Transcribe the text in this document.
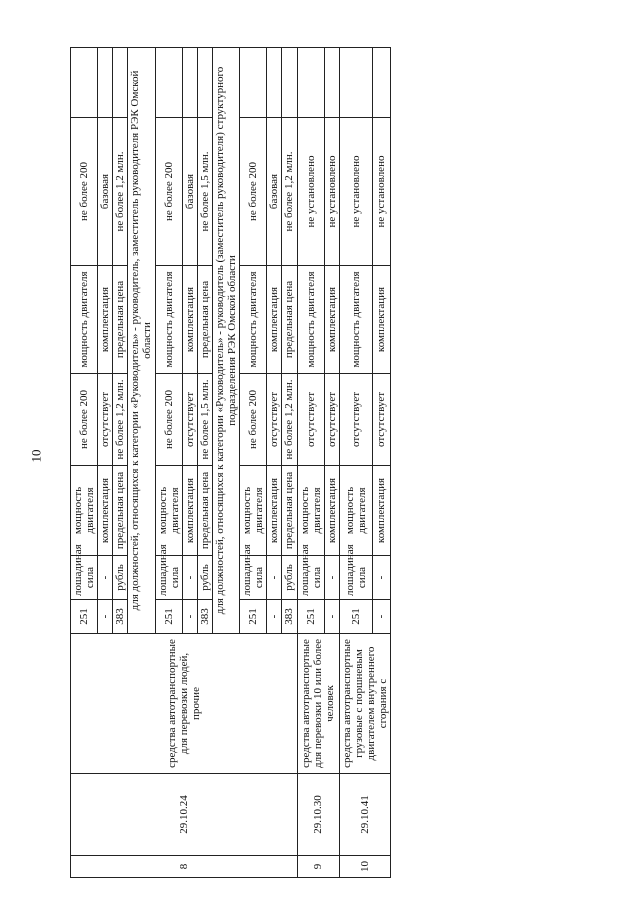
10
8	29.10.24	средства автотранспортные для перевозки людей, прочие	251	лошадиная сила	мощность двигателя	не более 200	мощность двигателя	не более 200	
			-	-	комплектация	отсутствует	комплектация	базовая	
			383	рубль	предельная цена	не более 1,2 млн.	предельная цена	не более 1,2 млн.	
			для должностей, относящихся к категории «Руководитель» - руководитель, заместитель руководителя РЭК Омской области						
			251	лошадиная сила	мощность двигателя	не более 200	мощность двигателя	не более 200	
			-	-	комплектация	отсутствует	комплектация	базовая	
			383	рубль	предельная цена	не более 1,5 млн.	предельная цена	не более 1,5 млн.	
			для должностей, относящихся к категории «Руководитель» - руководитель (заместитель руководителя) структурного подразделения РЭК Омской области						
			251	лошадиная сила	мощность двигателя	не более 200	мощность двигателя	не более 200	
			-	-	комплектация	отсутствует	комплектация	базовая	
			383	рубль	предельная цена	не более 1,2 млн.	предельная цена	не более 1,2 млн.	
9	29.10.30	средства автотранспортные для перевозки 10 или более человек	251	лошадиная сила	мощность двигателя	отсутствует	мощность двигателя	не установлено	
			-	-	комплектация	отсутствует	комплектация	не установлено	
10	29.10.41	средства автотранспортные грузовые с поршневым двигателем внутреннего сгорания с	251	лошадиная сила	мощность двигателя	отсутствует	мощность двигателя	не установлено	
			-	-	комплектация	отсутствует	комплектация	не установлено	
